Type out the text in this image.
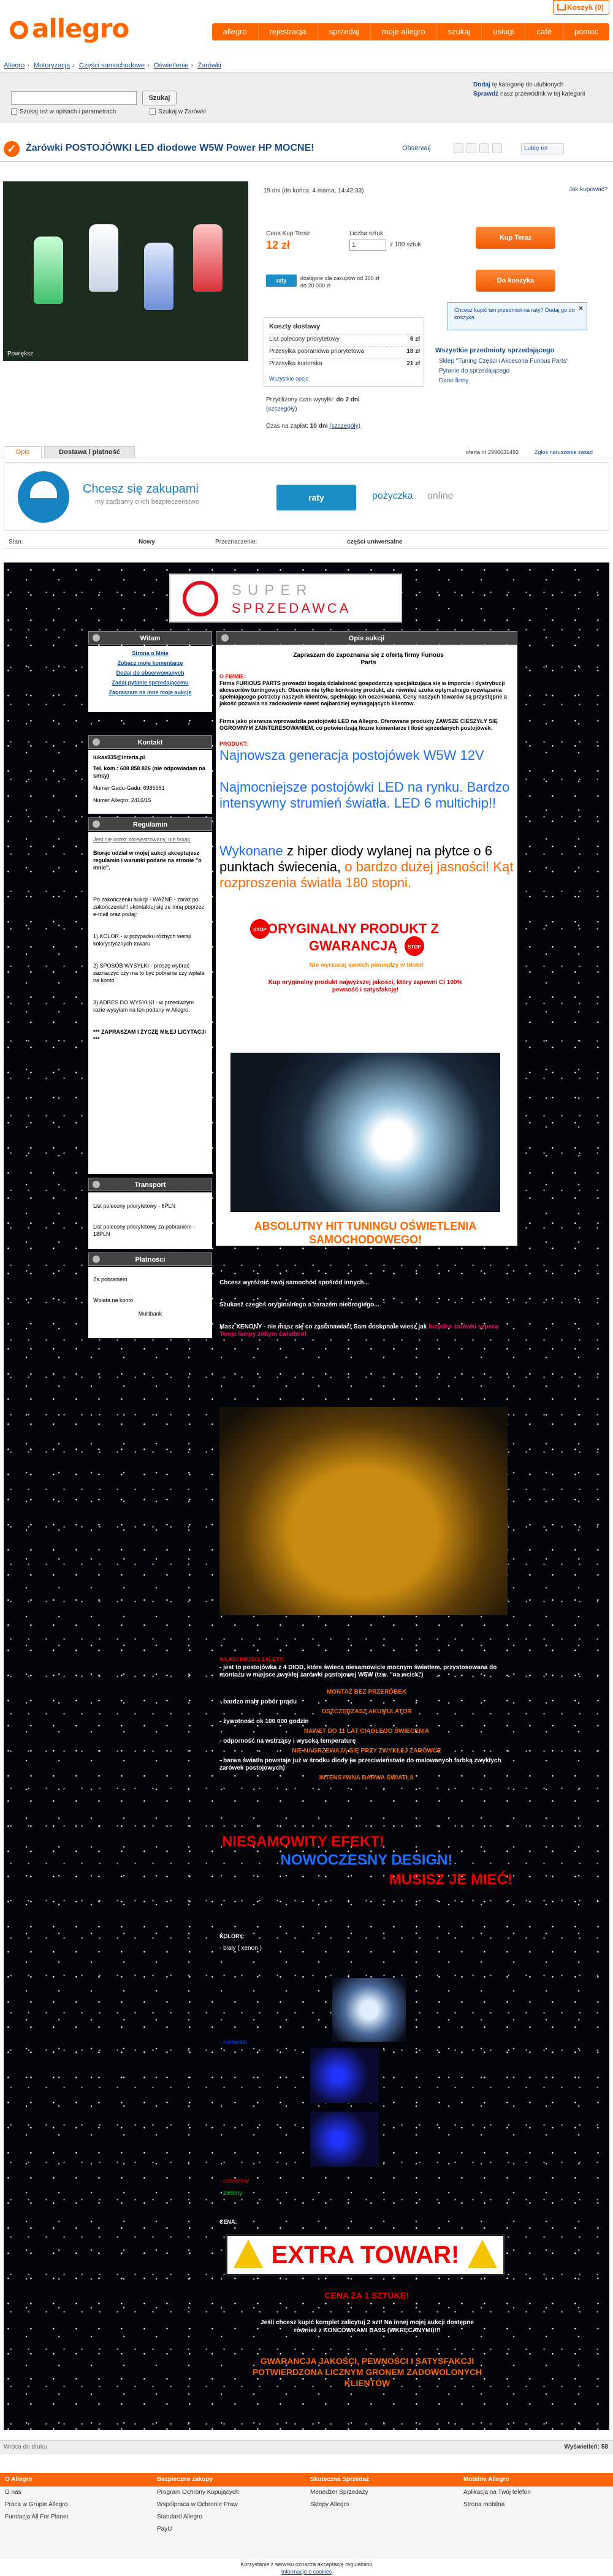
allegro
Koszyk (0)
allegro	rejestracja	sprzedaj	moje allegro	szukaj	usługi	café	pomoc
Allegro › Motoryzacja › Części samochodowe › Oświetlenie › Żarówki
Szukaj
Szukaj też w opisach i parametrach	Szukaj w Żarówki
Dodaj tę kategorię do ulubionych
Sprawdź nasz przewodnik w tej kategorii
✓ Żarówki POSTOJÓWKI LED diodowe W5W Power HP MOCNE!	Obserwuj	Lubię to!
Powiększ
19 dni (do końca: 4 marca, 14:42:33)	Jak kupować?
Cena Kup Teraz
12 zł
Liczba sztuk
1	z 100 sztuk
Kup Teraz
raty	dostępne dla zakupów od 300 zł do 20 000 zł
Do koszyka
×
Chcesz kupić ten przedmiot na raty? Dodaj go do koszyka.
Koszty dostawy
List polecony priorytetowy	6 zł
Przesyłka pobraniowa priorytetowa	18 zł
Przesyłka kurierska	21 zł
Wszystkie opcje
Wszystkie przedmioty sprzedającego
Sklep "Tuning Części i Akcesoria Furious Parts"
Pytanie do sprzedającego
Dane firmy
Przybliżony czas wysyłki: do 2 dni
(szczegóły)
Czas na zapłat: 10 dni (szczegóły)
Opis	Dostawa i płatność	oferta nr 2996031492	Zgłoś naruszenie zasad
Chcesz się zakupami
my zadbamy o ich bezpieczeństwo	raty	pożyczka online
Stan:	Nowy	Przeznaczenie:	części uniwersalne
SUPER
SPRZEDAWCA
Witam
Strona o Mnie
Zobacz moje komentarze
Dodaj do obserwowanych
Zadaj pytanie sprzedającemu
Zapraszam na inne moje aukcje
Kontakt
lukas935@interia.pl
Tel. kom.: 608 858 826 (nie odpowiadam na smsy)
Numer Gadu-Gadu: 6985681
Numer Allegro: 2416/15
Regulamin
Jest cię przez zarejestrowany, nie bojąc
Biorąc udział w mojej aukcji akceptujesz regulamin i warunki podane na stronie "o mnie".
Po zakończeniu aukcji - WAŻNE - zaraz po zakończeniu!!! skontaktuj się ze mną poprzez e-mail oraz podaj:
1) KOLOR - w przypadku różnych wersji kolorystycznych towaru
2) SPOSÓB WYSYŁKI - proszę wybrać zaznaczyć czy ma to być pobranie czy wpłata na konto
3) ADRES DO WYSYŁKI - w przeciwnym razie wysyłam na ten podany w Allegro.
*** ZAPRASZAM I ŻYCZĘ MIŁEJ LICYTACJI ***
Transport
List polecony priorytetowy - 6PLN
List polecony priorytetowy za pobraniem - 18PLN
Płatności
Za pobraniem
Wpłata na konto
Multibank
Opis aukcji
Zapraszam do zapoznania się z ofertą firmy Furious Parts
O FIRMIE:
Firma FURIOUS PARTS prowadzi bogatą działalność gospodarczą specjalizującą się w imporcie i dystrybucji akcesoriów tuningowych. Obecnie nie tylko konkretny produkt, ale również szuka optymalnego rozwiązania spełniającego potrzeby naszych klientów, spełniając ich oczekiwania. Ceny naszych towarów są przystępne a jakość pozwala na zadowolenie nawet najbardziej wymagających klientów.
Firma jako pierwsza wprowadziła postojówki LED na Allegro. Oferowane produkty ZAWSZE CIESZYŁY SIĘ OGROMNYM ZAINTERESOWANIEM, co potwierdzają liczne komentarze i ilość sprzedanych postojówek.
PRODUKT:
Najnowsza generacja postojówek W5W 12V
Najmocniejsze postojówki LED na rynku. Bardzo intensywny strumień światła. LED 6 multichip!!
Wykonane z hiper diody wylanej na płytce o 6 punktach świecenia, o bardzo dużej jasności! Kąt rozproszenia światła 180 stopni.
STOP
STOP
ORYGINALNY PRODUKT Z GWARANCJĄ
Nie wyrzucaj swoich pieniędzy w błoto!
Kup oryginalny produkt najwyższej jakości, który zapewni Ci 100% pewność i satysfakcję!
ABSOLUTNY HIT TUNINGU OŚWIETLENIA SAMOCHODOWEGO!
Chcesz wyróżnić swój samochód spośród innych...
Szukasz czegoś oryginalnego a zarazem niedrogiego...
Masz XENONY - nie masz się co zastanawiać! Sam doskonale wiesz jak brzydko żarówki szpecą Twoje lampy żółtym światłem!
WŁAŚCIWOŚCI ZALETY:
- jest to postojówka z 4 DIOD, które świecą niesamowicie mocnym światłem, przystosowana do montażu w miejsce zwykłej żarówki postojowej W5W (tzw. "na wcisk")
MONTAŻ BEZ PRZERÓBEK
- bardzo mały pobór prądu
OSZCZĘDZASZ AKUMULATOR
- żywotność ok 100 000 godzin
NAWET DO 11 LAT CIĄGŁEGO ŚWIECENIA
- odporność na wstrząsy i wysoką temperaturę
NIE NAGRZEWAJĄ SIĘ PRZY ZWYKŁEJ ŻARÓWCE
- barwa światła powstaje już w środku diody (w przeciwieństwie do malowanych farbką zwykłych żarówek postojowych)
INTENSYWNA BARWA ŚWIATŁA
NIESAMOWITY EFEKT!
NOWOCZESNY DESIGN!
MUSISZ JE MIEĆ!
KOLORY:
- biały ( xenon )
- niebieski
- czerwony
- zielony
CENA:
EXTRA TOWAR!
CENA ZA 1 SZTUKĘ!
Jeśli chcesz kupić komplet zalicytuj 2 szt! Na innej mojej aukcji dostępne również z KOŃCÓWKAMI BA9S (WKRĘCANYMI)!!!
GWARANCJA JAKOŚCI, PEWNOŚCI I SATYSFAKCJI POTWIERDZONA LICZNYM GRONEM ZADOWOLONYCH KLIENTÓW
Wróca do druku	Wyświetleń: 58
O Allegro
O nas
Praca w Grupie Allegro
Fundacja All For Planet
Bezpieczne zakupy
Program Ochrony Kupujących
Współpraca w Ochronie Praw
Standard Allegro
PayU
Skuteczna Sprzedaż
Menedżer Sprzedaży
Sklepy Allegro
Mobilne Allegro
Aplikacja na Twój telefon
Strona mobilna
Korzystanie z serwisu oznacza akceptację regulaminu
Informacje o cookies
